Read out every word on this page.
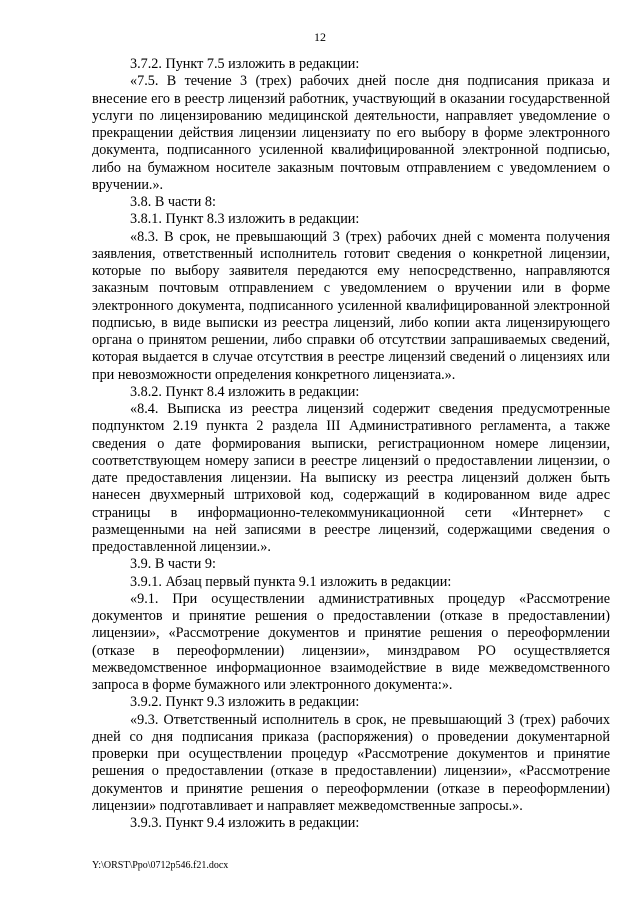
12

3.7.2. Пункт 7.5 изложить в редакции:

«7.5. В течение 3 (трех) рабочих дней после дня подписания приказа и внесение его в реестр лицензий работник, участвующий в оказании государственной услуги по лицензированию медицинской деятельности, направляет уведомление о прекращении действия лицензии лицензиату по его выбору в форме электронного документа, подписанного усиленной квалифицированной электронной подписью, либо на бумажном носителе заказным почтовым отправлением с уведомлением о вручении.».

3.8. В части 8:

3.8.1. Пункт 8.3 изложить в редакции:

«8.3. В срок, не превышающий 3 (трех) рабочих дней с момента получения заявления, ответственный исполнитель готовит сведения о конкретной лицензии, которые по выбору заявителя передаются ему непосредственно, направляются заказным почтовым отправлением с уведомлением о вручении или в форме электронного документа, подписанного усиленной квалифицированной электронной подписью, в виде выписки из реестра лицензий, либо копии акта лицензирующего органа о принятом решении, либо справки об отсутствии запрашиваемых сведений, которая выдается в случае отсутствия в реестре лицензий сведений о лицензиях или при невозможности определения конкретного лицензиата.».

3.8.2. Пункт 8.4 изложить в редакции:

«8.4. Выписка из реестра лицензий содержит сведения предусмотренные подпунктом 2.19 пункта 2 раздела III Административного регламента, а также сведения о дате формирования выписки, регистрационном номере лицензии, соответствующем номеру записи в реестре лицензий о предоставлении лицензии, о дате предоставления лицензии. На выписку из реестра лицензий должен быть нанесен двухмерный штриховой код, содержащий в кодированном виде адрес страницы в информационно-телекоммуникационной сети «Интернет» с размещенными на ней записями в реестре лицензий, содержащими сведения о предоставленной лицензии.».

3.9. В части 9:

3.9.1. Абзац первый пункта 9.1 изложить в редакции:

«9.1. При осуществлении административных процедур «Рассмотрение документов и принятие решения о предоставлении (отказе в предоставлении) лицензии», «Рассмотрение документов и принятие решения о переоформлении (отказе в переоформлении) лицензии», минздравом РО осуществляется межведомственное информационное взаимодействие в виде межведомственного запроса в форме бумажного или электронного документа:».

3.9.2. Пункт 9.3 изложить в редакции:

«9.3. Ответственный исполнитель в срок, не превышающий 3 (трех) рабочих дней со дня подписания приказа (распоряжения) о проведении документарной проверки при осуществлении процедур «Рассмотрение документов и принятие решения о предоставлении (отказе в предоставлении) лицензии», «Рассмотрение документов и принятие решения о переоформлении (отказе в переоформлении) лицензии» подготавливает и направляет межведомственные запросы.».

3.9.3. Пункт 9.4 изложить в редакции:

Y:\ORST\Ppo\0712p546.f21.docx
